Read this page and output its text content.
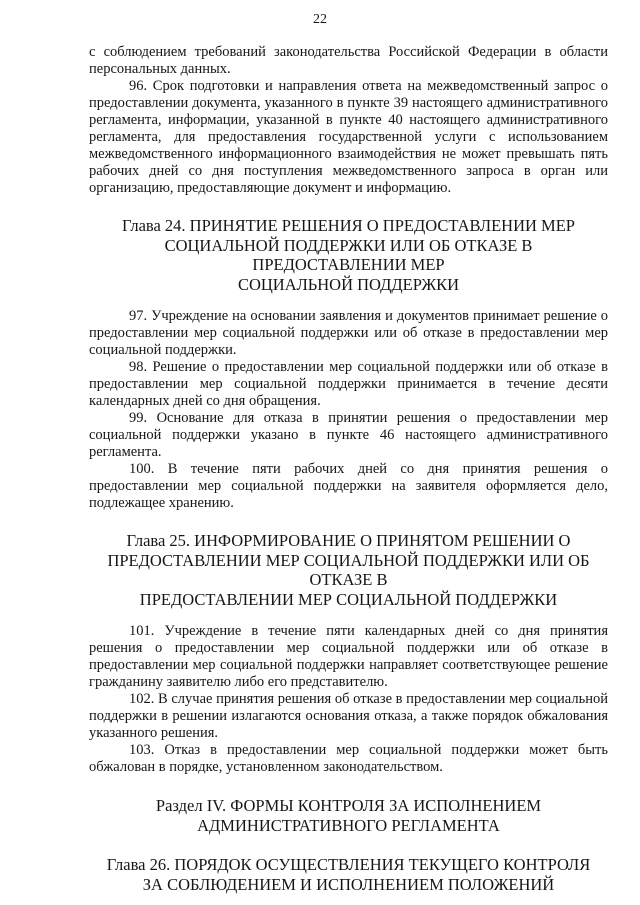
22

с соблюдением требований законодательства Российской Федерации в области персональных данных.

96. Срок подготовки и направления ответа на межведомственный запрос о предоставлении документа, указанного в пункте 39 настоящего административного регламента, информации, указанной в пункте 40 настоящего административного регламента, для предоставления государственной услуги с использованием межведомственного информационного взаимодействия не может превышать пять рабочих дней со дня поступления межведомственного запроса в орган или организацию, предоставляющие документ и информацию.

Глава 24. ПРИНЯТИЕ РЕШЕНИЯ О ПРЕДОСТАВЛЕНИИ МЕР
СОЦИАЛЬНОЙ ПОДДЕРЖКИ ИЛИ ОБ ОТКАЗЕ В ПРЕДОСТАВЛЕНИИ МЕР
СОЦИАЛЬНОЙ ПОДДЕРЖКИ

97. Учреждение на основании заявления и документов принимает решение о предоставлении мер социальной поддержки или об отказе в предоставлении мер социальной поддержки.

98. Решение о предоставлении мер социальной поддержки или об отказе в предоставлении мер социальной поддержки принимается в течение десяти календарных дней со дня обращения.

99. Основание для отказа в принятии решения о предоставлении мер социальной поддержки указано в пункте 46 настоящего административного регламента.

100. В течение пяти рабочих дней со дня принятия решения о предоставлении мер социальной поддержки на заявителя оформляется дело, подлежащее хранению.

Глава 25. ИНФОРМИРОВАНИЕ О ПРИНЯТОМ РЕШЕНИИ О
ПРЕДОСТАВЛЕНИИ МЕР СОЦИАЛЬНОЙ ПОДДЕРЖКИ ИЛИ ОБ ОТКАЗЕ В
ПРЕДОСТАВЛЕНИИ МЕР СОЦИАЛЬНОЙ ПОДДЕРЖКИ

101. Учреждение в течение пяти календарных дней со дня принятия решения о предоставлении мер социальной поддержки или об отказе в предоставлении мер социальной поддержки направляет соответствующее решение гражданину заявителю либо его представителю.

102. В случае принятия решения об отказе в предоставлении мер социальной поддержки в решении излагаются основания отказа, а также порядок обжалования указанного решения.

103. Отказ в предоставлении мер социальной поддержки может быть обжалован в порядке, установленном законодательством.

Раздел IV. ФОРМЫ КОНТРОЛЯ ЗА ИСПОЛНЕНИЕМ
АДМИНИСТРАТИВНОГО РЕГЛАМЕНТА
Глава 26. ПОРЯДОК ОСУЩЕСТВЛЕНИЯ ТЕКУЩЕГО КОНТРОЛЯ
ЗА СОБЛЮДЕНИЕМ И ИСПОЛНЕНИЕМ ПОЛОЖЕНИЙ
